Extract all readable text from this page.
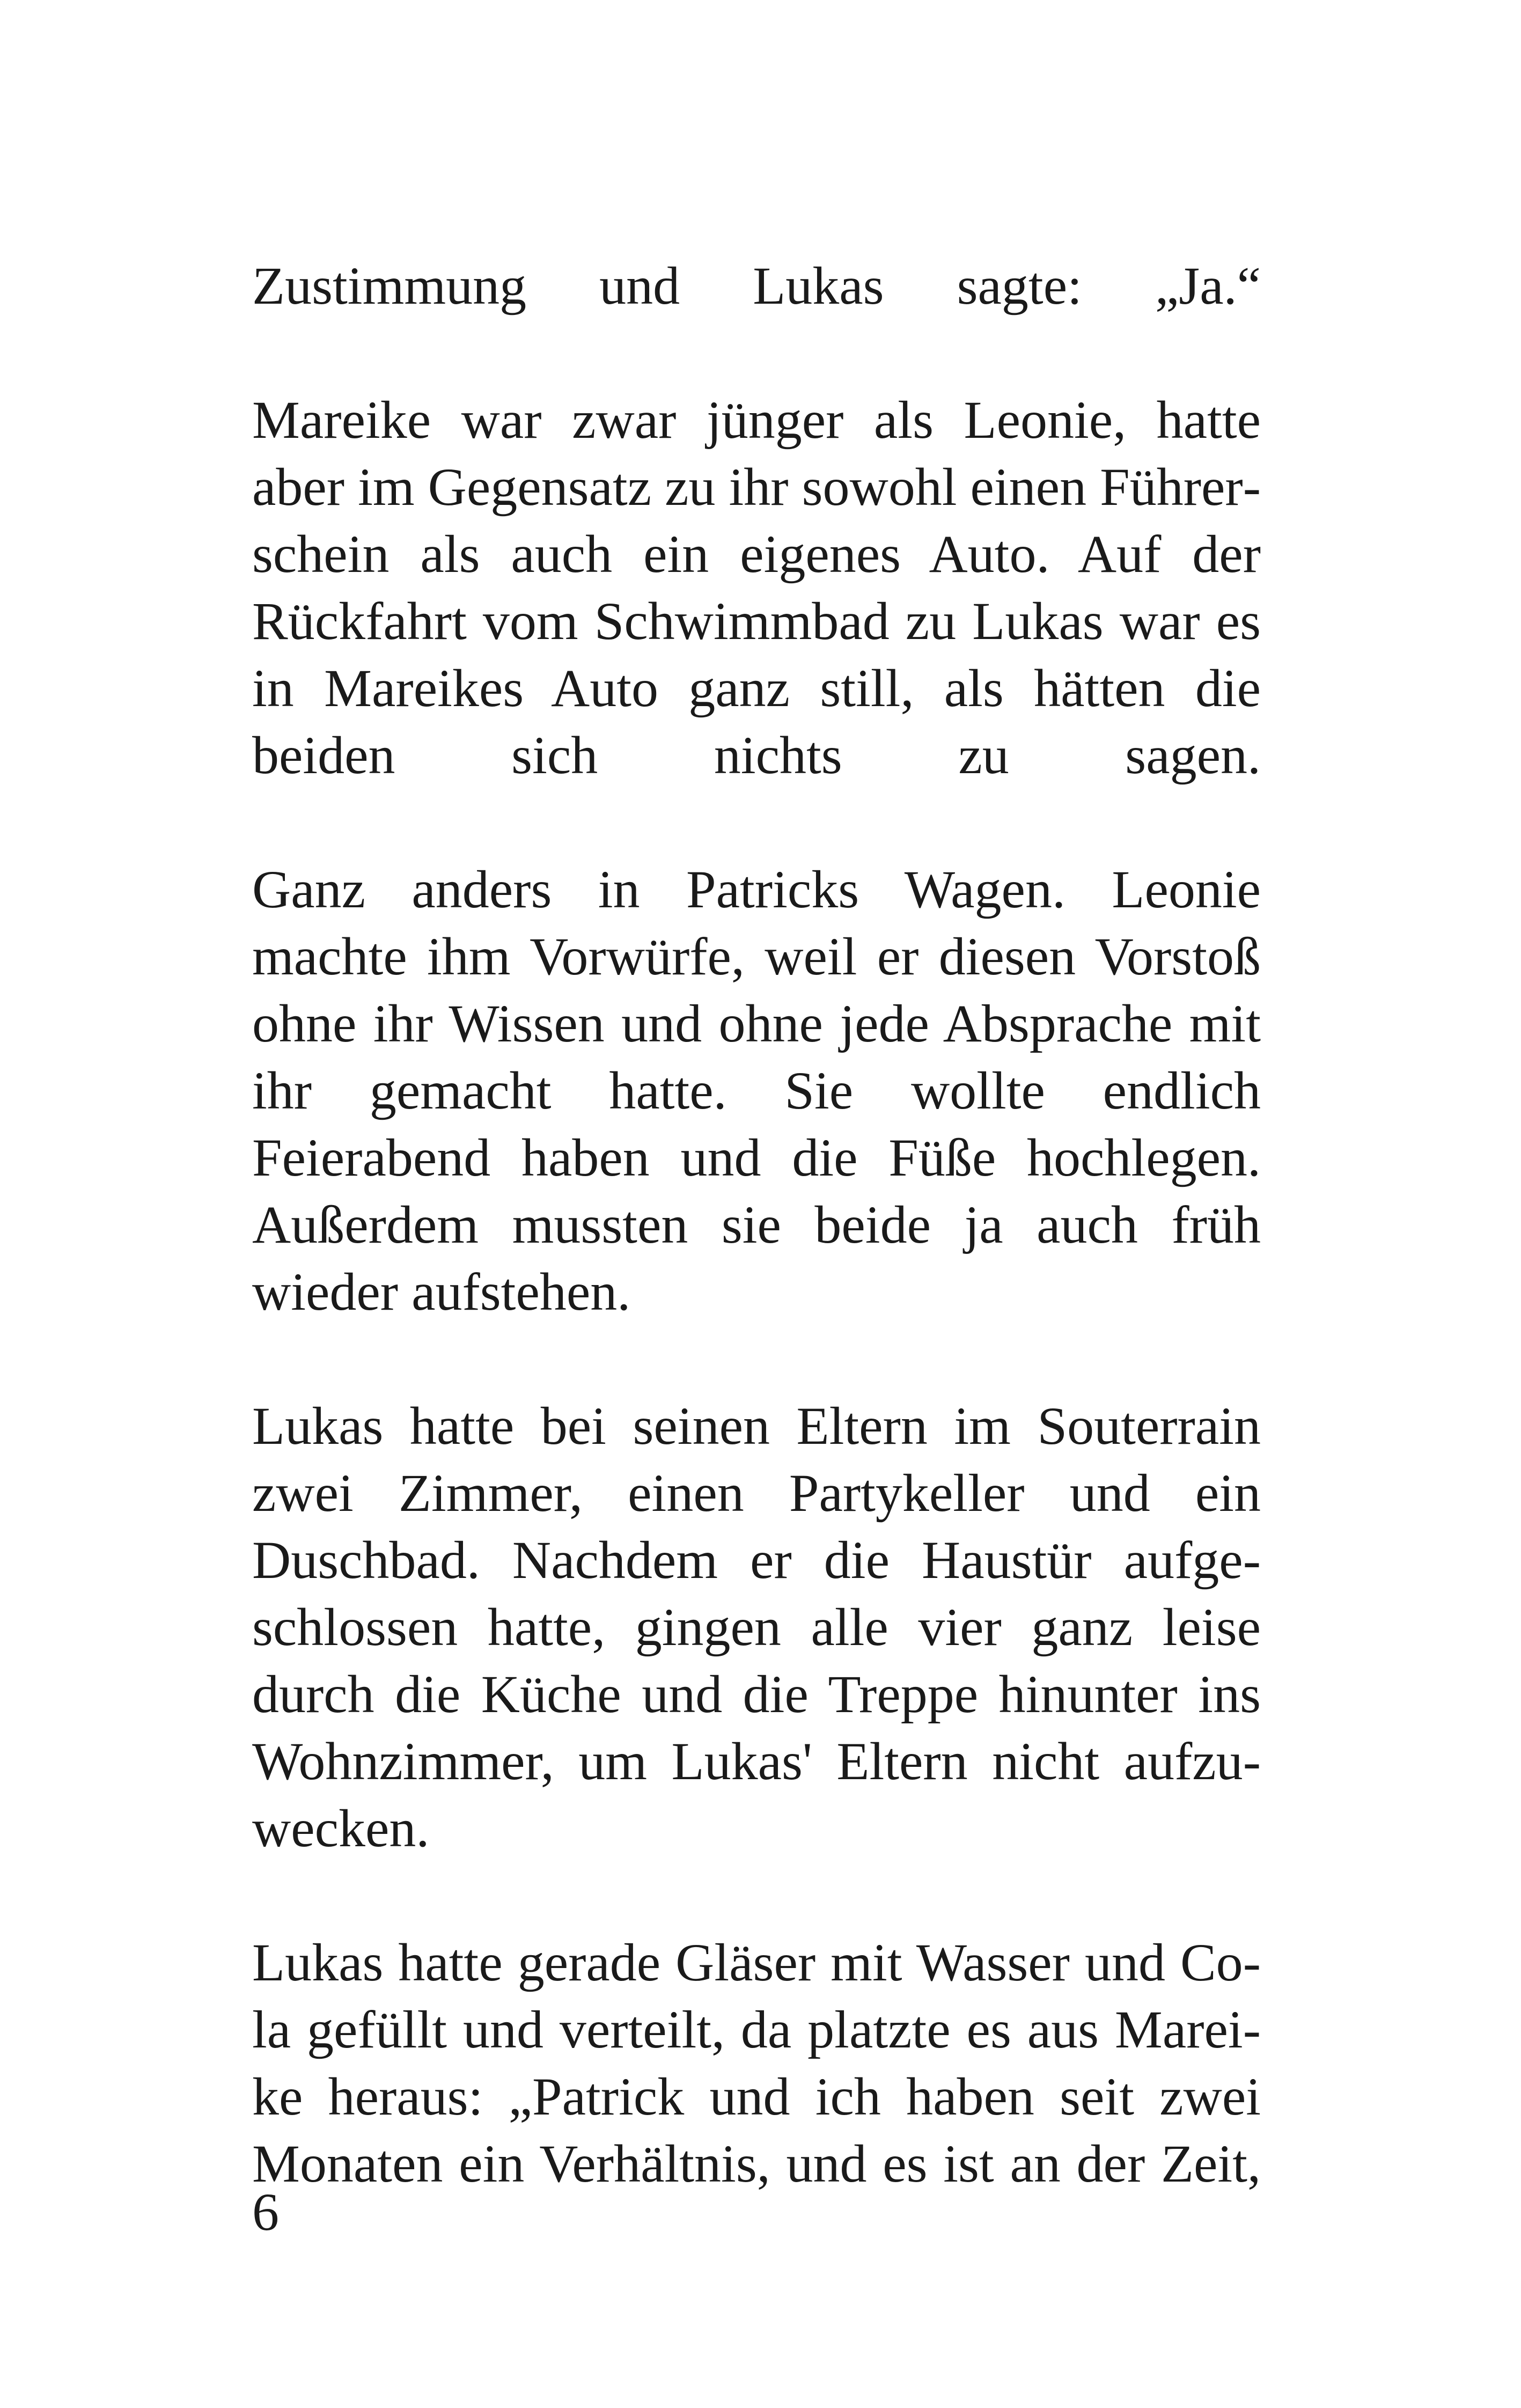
Zustimmung und Lukas sagte: „Ja.“

Mareike war zwar jünger als Leonie, hatte aber im Gegensatz zu ihr sowohl einen Führerschein als auch ein eigenes Auto. Auf der Rückfahrt vom Schwimmbad zu Lukas war es in Mareikes Auto ganz still, als hätten die beiden sich nichts zu sagen.

Ganz anders in Patricks Wagen. Leonie machte ihm Vorwürfe, weil er diesen Vorstoß ohne ihr Wissen und ohne jede Absprache mit ihr gemacht hatte. Sie wollte endlich Feierabend haben und die Füße hochlegen. Außerdem mussten sie beide ja auch früh wieder aufstehen.

Lukas hatte bei seinen Eltern im Souterrain zwei Zimmer, einen Partykeller und ein Duschbad. Nachdem er die Haustür aufgeschlossen hatte, gingen alle vier ganz leise durch die Küche und die Treppe hinunter ins Wohnzimmer, um Lukas' Eltern nicht aufzuwecken.

Lukas hatte gerade Gläser mit Wasser und Cola gefüllt und verteilt, da platzte es aus Mareike heraus: „Patrick und ich haben seit zwei Monaten ein Verhältnis, und es ist an der Zeit,

6
